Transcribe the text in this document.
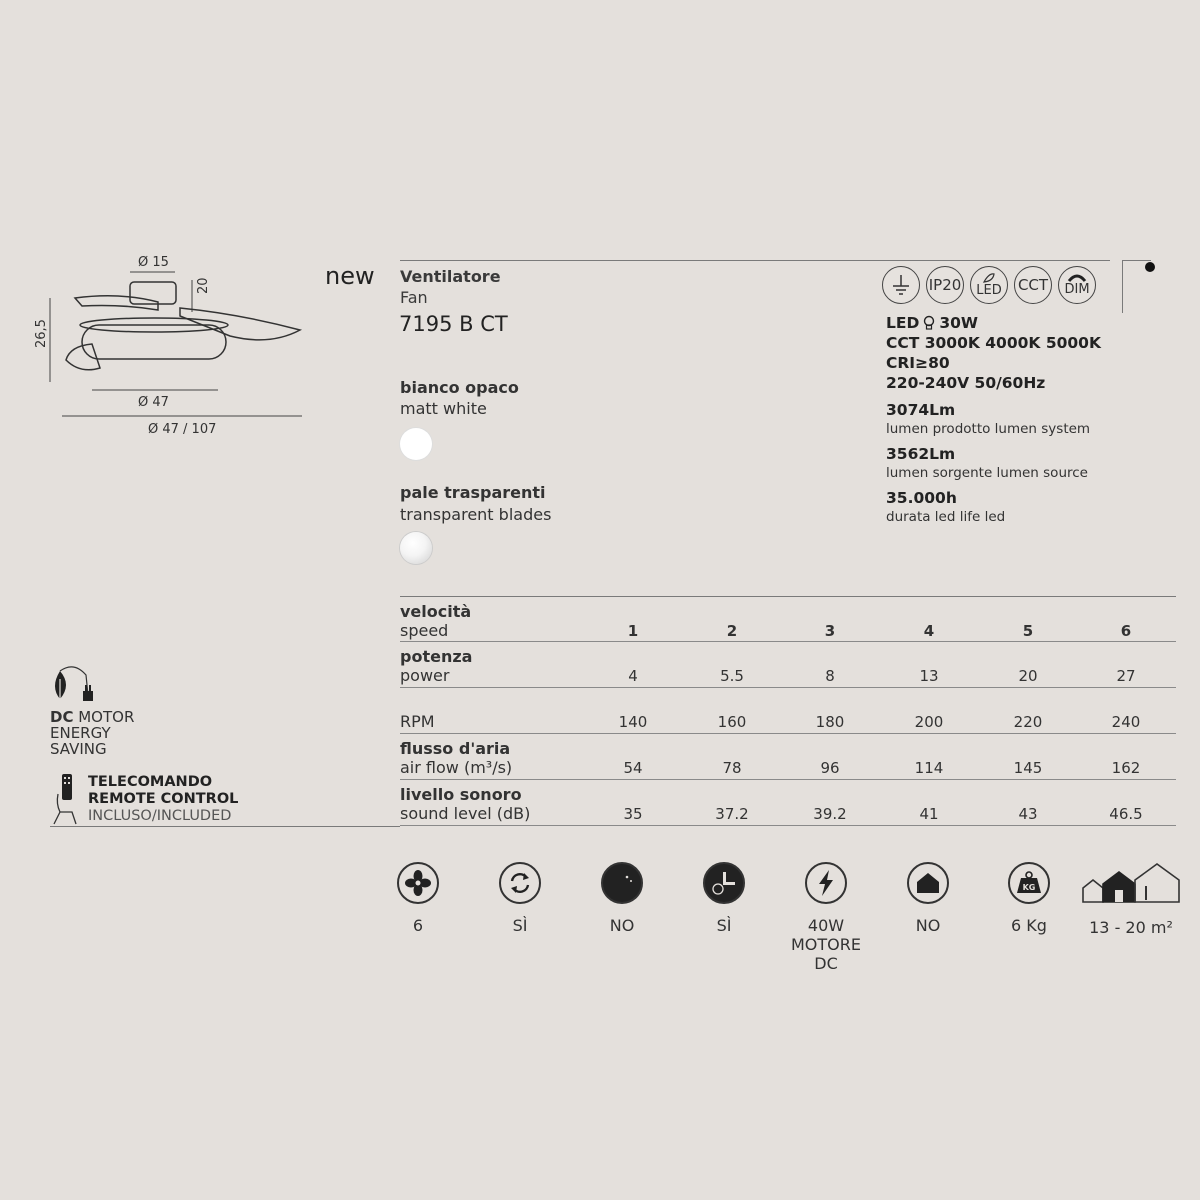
Ø 15
20
26,5
Ø 47
Ø 47 / 107
new Ventilatore
Fan
7195 B CT
bianco opaco
matt white
pale trasparenti
transparent blades
IP20 LED CCT DIM
LED 30W
CCT 3000K 4000K 5000K
CRI≥80
220-240V 50/60Hz
3074Lm
lumen prodotto lumen system
3562Lm
lumen sorgente lumen source
35.000h
durata led life led
velocità
speed	1	2	3	4	5	6
potenza
power	4	5.5	8	13	20	27
RPM	140	160	180	200	220	240
flusso d'aria
air flow (m³/s)	54	78	96	114	145	162
livello sonoro
sound level (dB)	35	37.2	39.2	41	43	46.5
DC MOTOR
ENERGY
SAVING
TELECOMANDO
REMOTE CONTROL
INCLUSO/INCLUDED
6	SÌ	NO	SÌ	40W
MOTORE
DC
NO
KG
6 Kg	13 - 20 m²
